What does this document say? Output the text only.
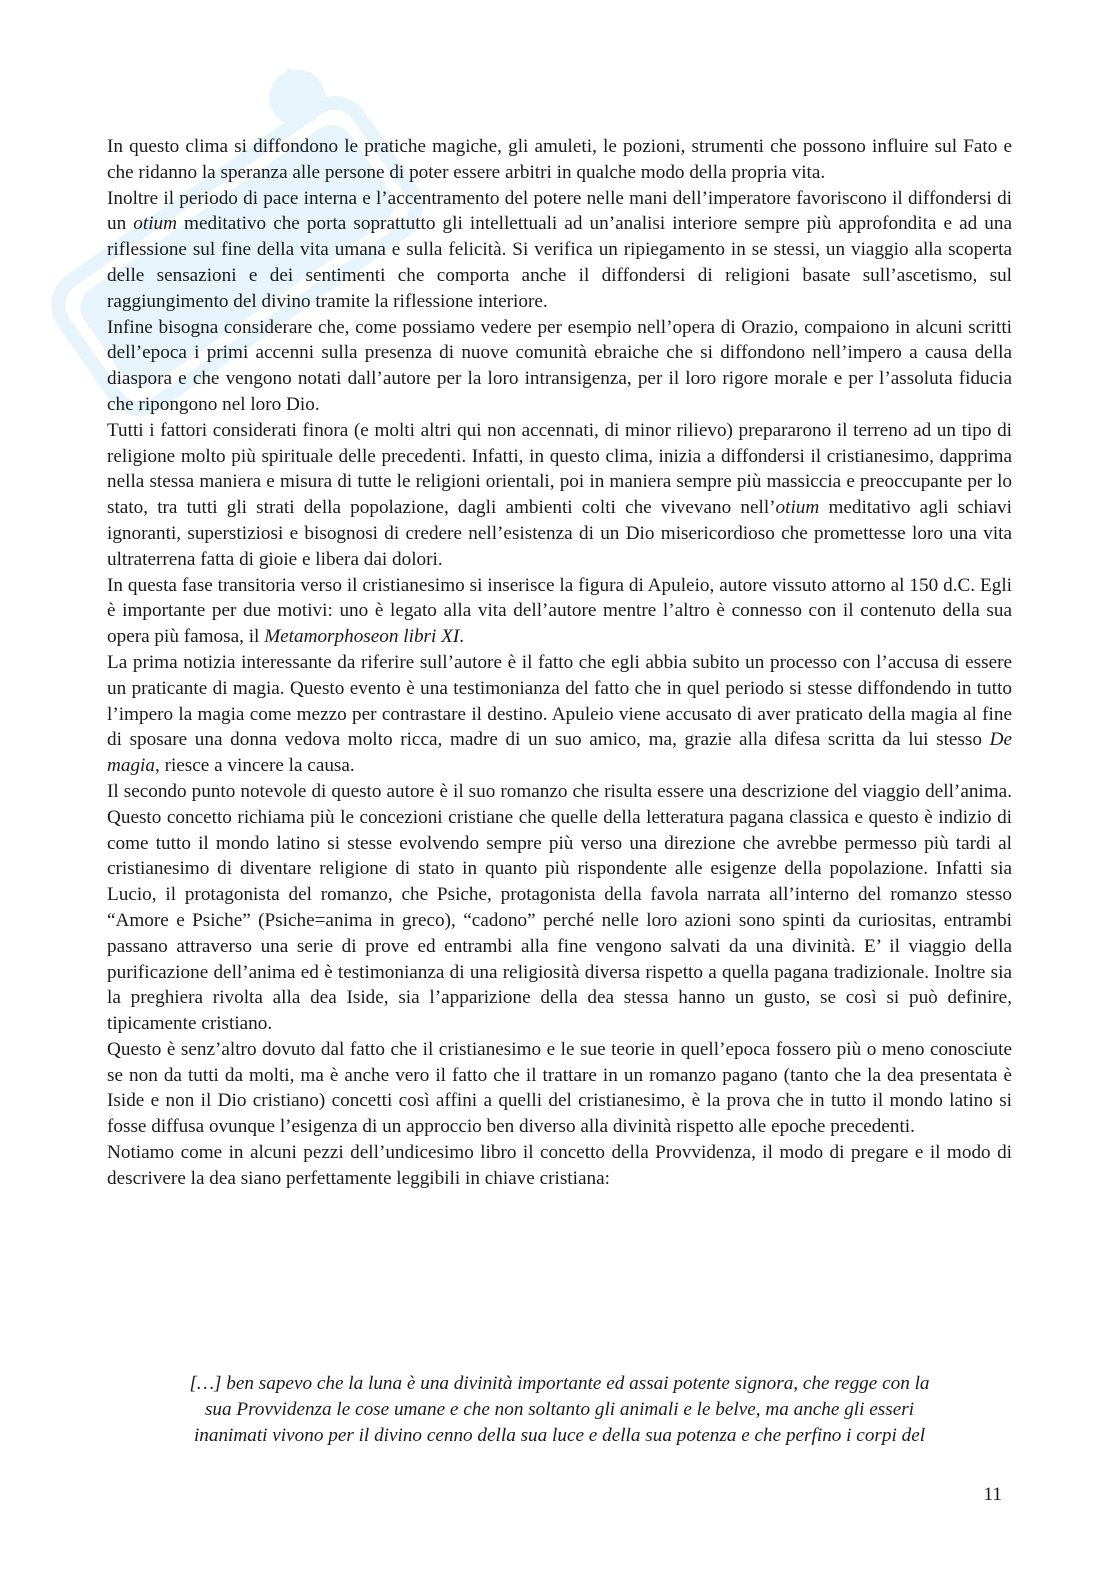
In questo clima si diffondono le pratiche magiche, gli amuleti, le pozioni, strumenti che possono influire sul Fato e che ridanno la speranza alle persone di poter essere arbitri in qualche modo della propria vita.

Inoltre il periodo di pace interna e l’accentramento del potere nelle mani dell’imperatore favoriscono il diffondersi di un otium meditativo che porta soprattutto gli intellettuali ad un’analisi interiore sempre più approfondita e ad una riflessione sul fine della vita umana e sulla felicità. Si verifica un ripiegamento in se stessi, un viaggio alla scoperta delle sensazioni e dei sentimenti che comporta anche il diffondersi di religioni basate sull’ascetismo, sul raggiungimento del divino tramite la riflessione interiore.

Infine bisogna considerare che, come possiamo vedere per esempio nell’opera di Orazio, compaiono in alcuni scritti dell’epoca i primi accenni sulla presenza di nuove comunità ebraiche che si diffondono nell’impero a causa della diaspora e che vengono notati dall’autore per la loro intransigenza, per il loro rigore morale e per l’assoluta fiducia che ripongono nel loro Dio.

Tutti i fattori considerati finora (e molti altri qui non accennati, di minor rilievo) prepararono il terreno ad un tipo di religione molto più spirituale delle precedenti. Infatti, in questo clima, inizia a diffondersi il cristianesimo, dapprima nella stessa maniera e misura di tutte le religioni orientali, poi in maniera sempre più massiccia e preoccupante per lo stato, tra tutti gli strati della popolazione, dagli ambienti colti che vivevano nell’otium meditativo agli schiavi ignoranti, superstiziosi e bisognosi di credere nell’esistenza di un Dio misericordioso che promettesse loro una vita ultraterrena fatta di gioie e libera dai dolori.

In questa fase transitoria verso il cristianesimo si inserisce la figura di Apuleio, autore vissuto attorno al 150 d.C. Egli è importante per due motivi: uno è legato alla vita dell’autore mentre l’altro è connesso con il contenuto della sua opera più famosa, il Metamorphoseon libri XI.

La prima notizia interessante da riferire sull’autore è il fatto che egli abbia subito un processo con l’accusa di essere un praticante di magia. Questo evento è una testimonianza del fatto che in quel periodo si stesse diffondendo in tutto l’impero la magia come mezzo per contrastare il destino. Apuleio viene accusato di aver praticato della magia al fine di sposare una donna vedova molto ricca, madre di un suo amico, ma, grazie alla difesa scritta da lui stesso De magia, riesce a vincere la causa.

Il secondo punto notevole di questo autore è il suo romanzo che risulta essere una descrizione del viaggio dell’anima. Questo concetto richiama più le concezioni cristiane che quelle della letteratura pagana classica e questo è indizio di come tutto il mondo latino si stesse evolvendo sempre più verso una direzione che avrebbe permesso più tardi al cristianesimo di diventare religione di stato in quanto più rispondente alle esigenze della popolazione. Infatti sia Lucio, il protagonista del romanzo, che Psiche, protagonista della favola narrata all’interno del romanzo stesso “Amore e Psiche” (Psiche=anima in greco), “cadono” perché nelle loro azioni sono spinti da curiositas, entrambi passano attraverso una serie di prove ed entrambi alla fine vengono salvati da una divinità. E’ il viaggio della purificazione dell’anima ed è testimonianza di una religiosità diversa rispetto a quella pagana tradizionale. Inoltre sia la preghiera rivolta alla dea Iside, sia l’apparizione della dea stessa hanno un gusto, se così si può definire, tipicamente cristiano.

Questo è senz’altro dovuto dal fatto che il cristianesimo e le sue teorie in quell’epoca fossero più o meno conosciute se non da tutti da molti, ma è anche vero il fatto che il trattare in un romanzo pagano (tanto che la dea presentata è Iside e non il Dio cristiano) concetti così affini a quelli del cristianesimo, è la prova che in tutto il mondo latino si fosse diffusa ovunque l’esigenza di un approccio ben diverso alla divinità rispetto alle epoche precedenti.

Notiamo come in alcuni pezzi dell’undicesimo libro il concetto della Provvidenza, il modo di pregare e il modo di descrivere la dea siano perfettamente leggibili in chiave cristiana:

[…] ben sapevo che la luna è una divinità importante ed assai potente signora, che regge con la
sua Provvidenza le cose umane e che non soltanto gli animali e le belve, ma anche gli esseri
inanimati vivono per il divino cenno della sua luce e della sua potenza e che perfino i corpi del
11
